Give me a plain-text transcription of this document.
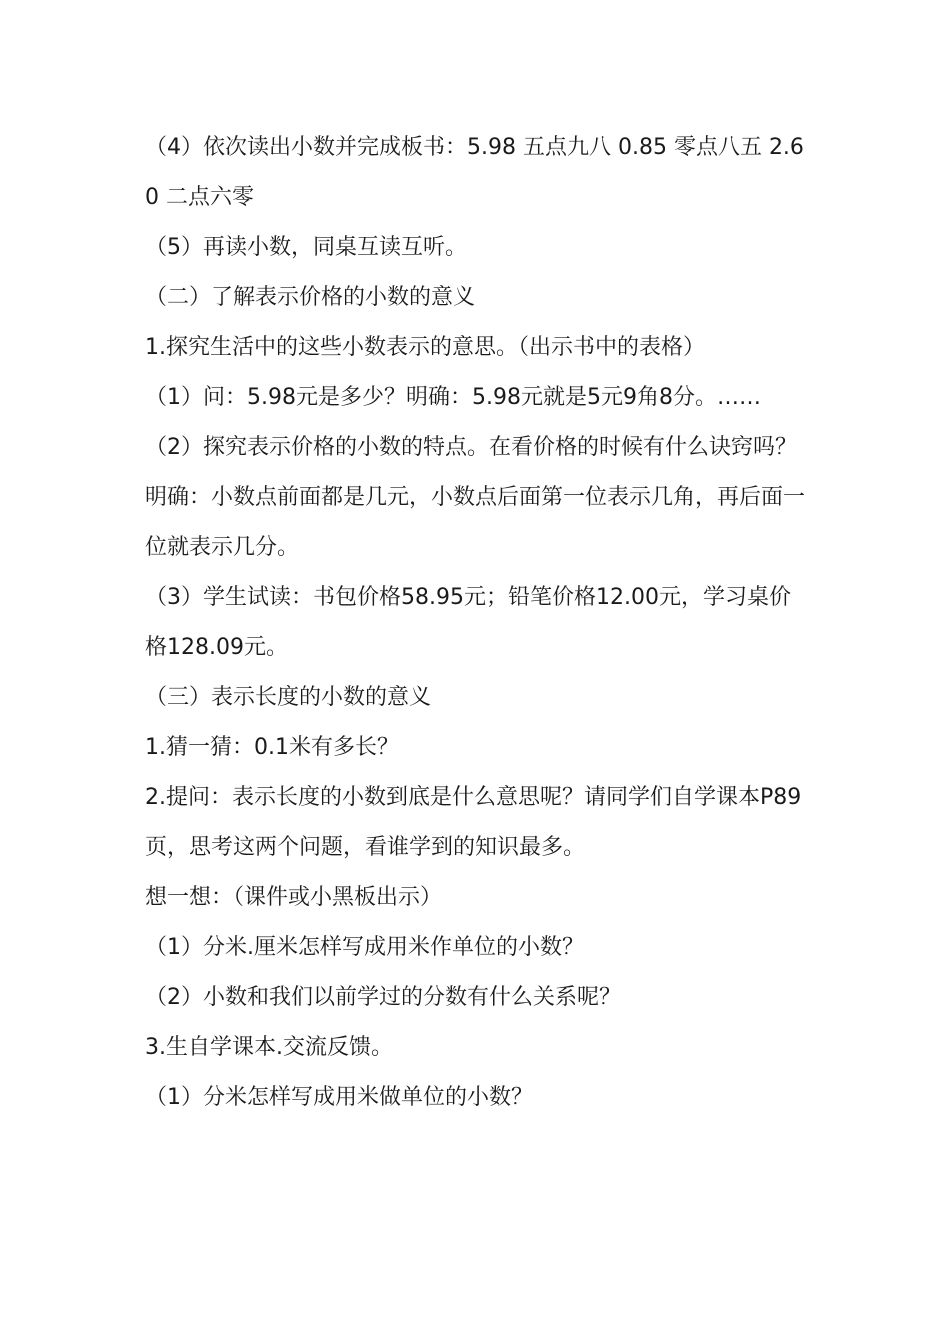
（4）依次读出小数并完成板书：5.98 五点九八 0.85 零点八五 2.60 二点六零

（5）再读小数，同桌互读互听。

（二）了解表示价格的小数的意义

1.探究生活中的这些小数表示的意思。（出示书中的表格）

（1）问：5.98元是多少？明确：5.98元就是5元9角8分。……

（2）探究表示价格的小数的特点。在看价格的时候有什么诀窍吗？

明确：小数点前面都是几元，小数点后面第一位表示几角，再后面一位就表示几分。

（3）学生试读：书包价格58.95元；铅笔价格12.00元，学习桌价格128.09元。

（三）表示长度的小数的意义

1.猜一猜：0.1米有多长？

2.提问：表示长度的小数到底是什么意思呢？请同学们自学课本P89页，思考这两个问题，看谁学到的知识最多。

想一想：（课件或小黑板出示）

（1）分米.厘米怎样写成用米作单位的小数？

（2）小数和我们以前学过的分数有什么关系呢？

3.生自学课本.交流反馈。

（1）分米怎样写成用米做单位的小数？
